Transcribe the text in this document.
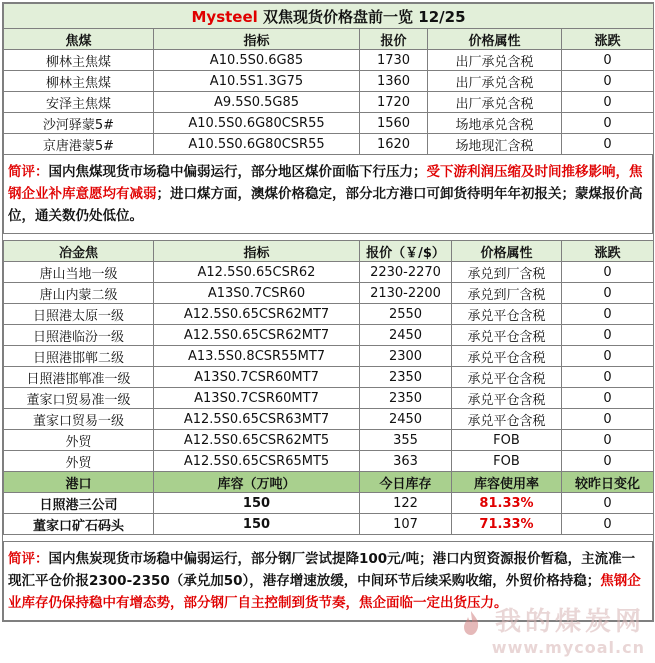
Mysteel 双焦现货价格盘前一览 12/25				
焦煤	指标	报价	价格属性	涨跌
柳林主焦煤	A10.5S0.6G85	1730	出厂承兑含税	0
柳林主焦煤	A10.5S1.3G75	1360	出厂承兑含税	0
安泽主焦煤	A9.5S0.5G85	1720	出厂承兑含税	0
沙河驿蒙5#	A10.5S0.6G80CSR55	1560	场地承兑含税	0
京唐港蒙5#	A10.5S0.6G80CSR55	1620	场地现汇含税	0
简评：国内焦煤现货市场稳中偏弱运行，部分地区煤价面临下行压力；受下游利润压缩及时间推移影响，焦钢企业补库意愿均有减弱；进口煤方面，澳煤价格稳定，部分北方港口可卸货待明年年初报关；蒙煤报价高位，通关数仍处低位。
冶金焦	指标	报价（￥/$）	价格属性	涨跌
唐山当地一级	A12.5S0.65CSR62	2230-2270	承兑到厂含税	0
唐山内蒙二级	A13S0.7CSR60	2130-2200	承兑到厂含税	0
日照港太原一级	A12.5S0.65CSR62MT7	2550	承兑平仓含税	0
日照港临汾一级	A12.5S0.65CSR62MT7	2450	承兑平仓含税	0
日照港邯郸二级	A13.5S0.8CSR55MT7	2300	承兑平仓含税	0
日照港邯郸准一级	A13S0.7CSR60MT7	2350	承兑平仓含税	0
董家口贸易准一级	A13S0.7CSR60MT7	2350	承兑平仓含税	0
董家口贸易一级	A12.5S0.65CSR63MT7	2450	承兑平仓含税	0
外贸	A12.5S0.65CSR62MT5	355	FOB	0
外贸	A12.5S0.65CSR65MT5	363	FOB	0
港口	库容（万吨）	今日库存	库容使用率	较昨日变化
日照港三公司	150	122	81.33%	0
董家口矿石码头	150	107	71.33%	0
简评：国内焦炭现货市场稳中偏弱运行，部分钢厂尝试提降100元/吨；港口内贸资源报价暂稳，主流准一现汇平仓价报2300-2350（承兑加50），港存增速放缓，中间环节后续采购收缩，外贸价格持稳；焦钢企业库存仍保持稳中有增态势，部分钢厂自主控制到货节奏，焦企面临一定出货压力。
我的煤炭网
www.mycoal.cn
